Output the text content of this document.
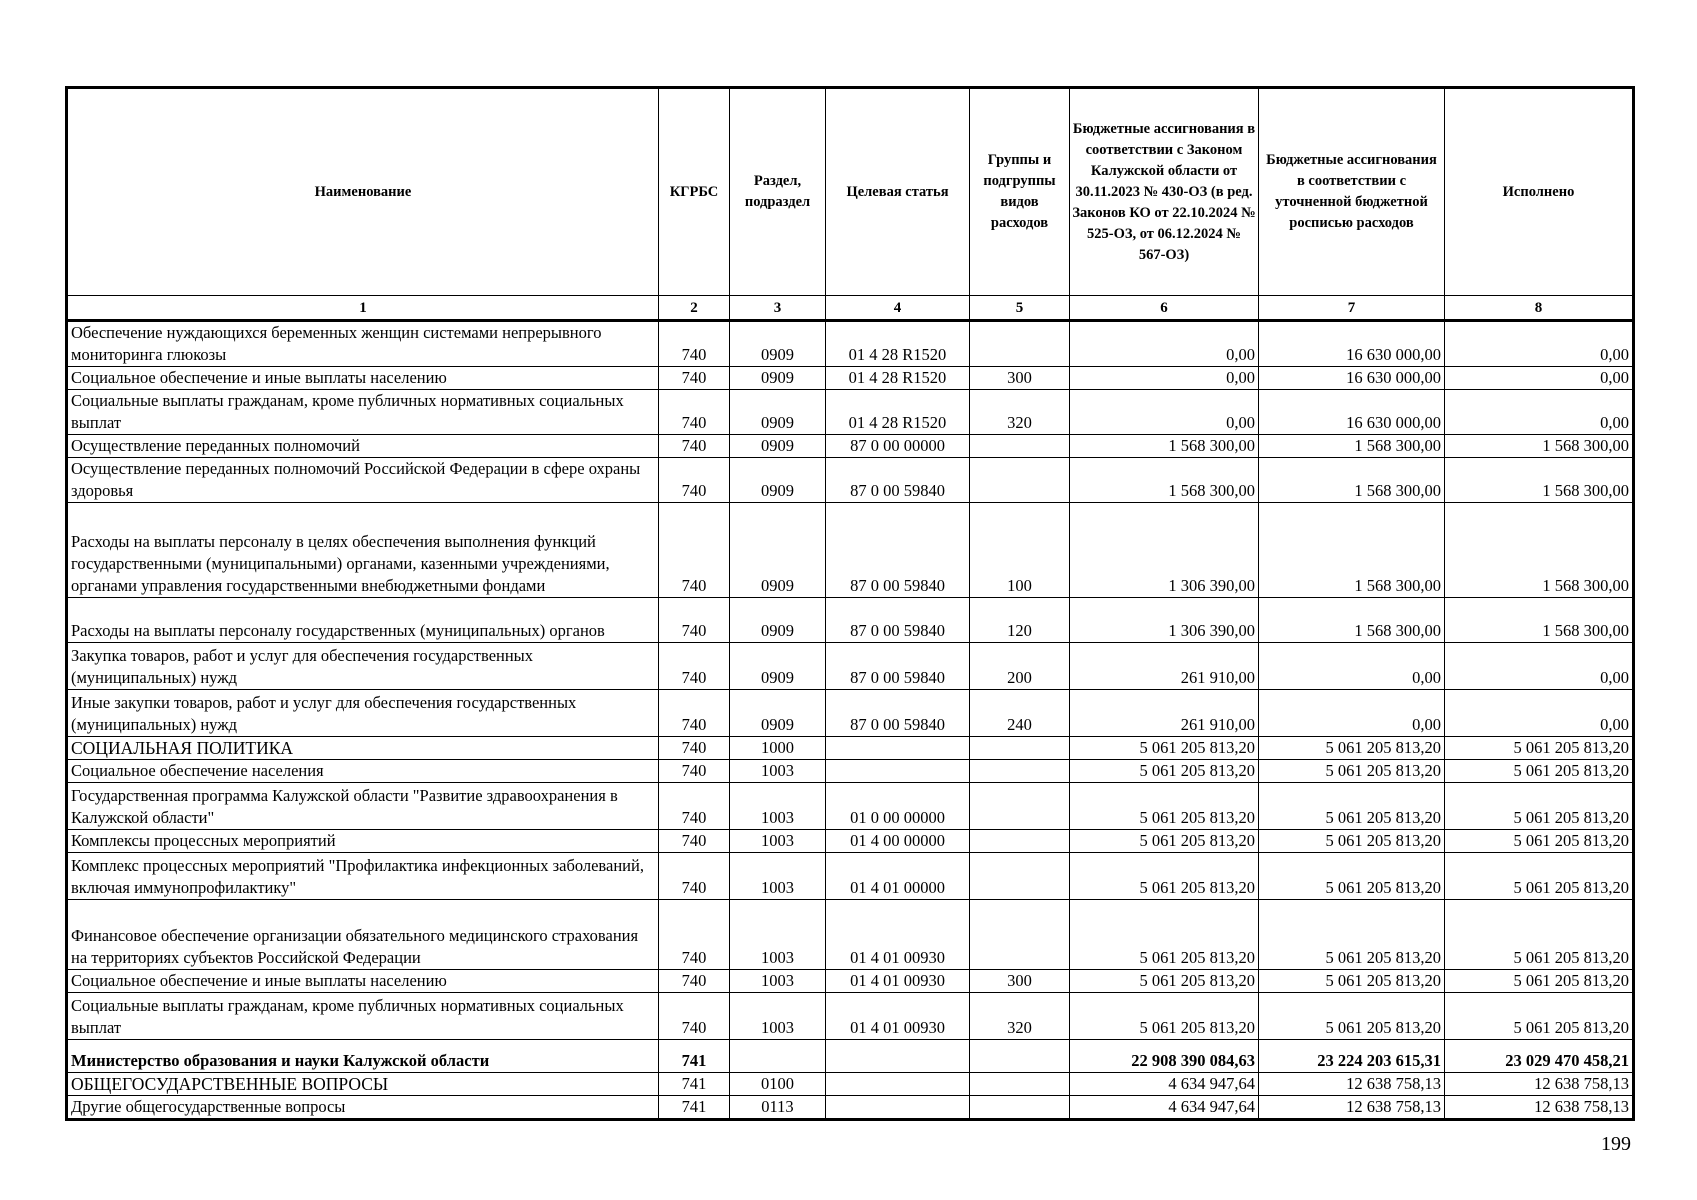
Наименование	КГРБС	Раздел, подраздел	Целевая статья	Группы и подгруппы видов расходов	Бюджетные ассигнования в соответствии с Законом Калужской области от 30.11.2023 № 430-ОЗ (в ред. Законов КО от 22.10.2024 № 525-ОЗ, от 06.12.2024 № 567-ОЗ)	Бюджетные ассигнования в соответствии с уточненной бюджетной росписью расходов	Исполнено
1	2	3	4	5	6	7	8
Обеспечение нуждающихся беременных женщин системами непрерывного мониторинга глюкозы	740	0909	01 4 28 R1520		0,00	16 630 000,00	0,00
Социальное обеспечение и иные выплаты населению	740	0909	01 4 28 R1520	300	0,00	16 630 000,00	0,00
Социальные выплаты гражданам, кроме публичных нормативных социальных выплат	740	0909	01 4 28 R1520	320	0,00	16 630 000,00	0,00
Осуществление переданных полномочий	740	0909	87 0 00 00000		1 568 300,00	1 568 300,00	1 568 300,00
Осуществление переданных полномочий Российской Федерации в сфере охраны здоровья	740	0909	87 0 00 59840		1 568 300,00	1 568 300,00	1 568 300,00
Расходы на выплаты персоналу в целях обеспечения выполнения функций государственными (муниципальными) органами, казенными учреждениями, органами управления государственными внебюджетными фондами	740	0909	87 0 00 59840	100	1 306 390,00	1 568 300,00	1 568 300,00
Расходы на выплаты персоналу государственных (муниципальных) органов	740	0909	87 0 00 59840	120	1 306 390,00	1 568 300,00	1 568 300,00
Закупка товаров, работ и услуг для обеспечения государственных (муниципальных) нужд	740	0909	87 0 00 59840	200	261 910,00	0,00	0,00
Иные закупки товаров, работ и услуг для обеспечения государственных (муниципальных) нужд	740	0909	87 0 00 59840	240	261 910,00	0,00	0,00
СОЦИАЛЬНАЯ ПОЛИТИКА	740	1000			5 061 205 813,20	5 061 205 813,20	5 061 205 813,20
Социальное обеспечение населения	740	1003			5 061 205 813,20	5 061 205 813,20	5 061 205 813,20
Государственная программа Калужской области "Развитие здравоохранения в Калужской области"	740	1003	01 0 00 00000		5 061 205 813,20	5 061 205 813,20	5 061 205 813,20
Комплексы процессных мероприятий	740	1003	01 4 00 00000		5 061 205 813,20	5 061 205 813,20	5 061 205 813,20
Комплекс процессных мероприятий "Профилактика инфекционных заболеваний, включая иммунопрофилактику"	740	1003	01 4 01 00000		5 061 205 813,20	5 061 205 813,20	5 061 205 813,20
Финансовое обеспечение организации обязательного медицинского страхования на территориях субъектов Российской Федерации	740	1003	01 4 01 00930		5 061 205 813,20	5 061 205 813,20	5 061 205 813,20
Социальное обеспечение и иные выплаты населению	740	1003	01 4 01 00930	300	5 061 205 813,20	5 061 205 813,20	5 061 205 813,20
Социальные выплаты гражданам, кроме публичных нормативных социальных выплат	740	1003	01 4 01 00930	320	5 061 205 813,20	5 061 205 813,20	5 061 205 813,20
Министерство образования и науки Калужской области	741				22 908 390 084,63	23 224 203 615,31	23 029 470 458,21
ОБЩЕГОСУДАРСТВЕННЫЕ ВОПРОСЫ	741	0100			4 634 947,64	12 638 758,13	12 638 758,13
Другие общегосударственные вопросы	741	0113			4 634 947,64	12 638 758,13	12 638 758,13
199
